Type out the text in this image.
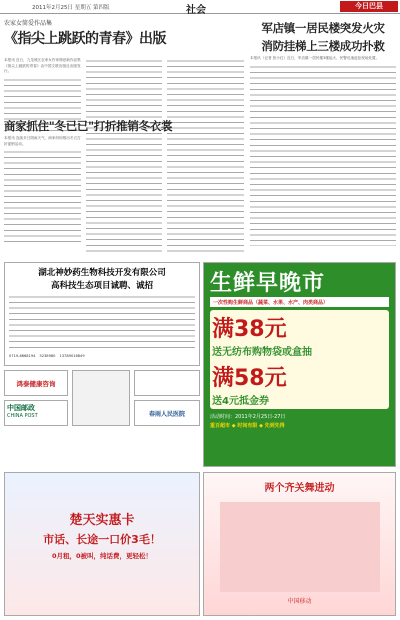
2011年2月25日 星期五 第四版	社会	今日巴县
农家女简爱作品集
《指尖上跳跃的青春》出版
本报讯 近日，九龙坡区农家女作家简爱新作品集《指尖上跳跃的青春》由中国文联出版社出版发行。
军店镇一居民楼突发火灾
消防挂梯上三楼成功扑救
本报讯（记者 张小红）近日，军店镇一居民楼3楼起火，民警迅速赶赴现场处置。
商家抓住"冬已已"打折推销冬衣裳
本报讯 连续多日阴雨天气，商家纷纷推出冬衣打折促销活动。
湖北神妙药生物科技开发有限公司
高科技生态项目诚聘、诚招
0719-8668194 5238980 13789016849
生鲜早晚市
一次性购生鲜商品（蔬菜、水果、水产、肉类商品）
满38元
送无纺布购物袋或盒抽
满58元
送4元抵金券
活动时间：2011年2月25日-27日
重百超市 ◆ 时间有限 ◆ 先到先得
鸿泰健康咨询
中国邮政
CHINA POST	春雨人民医院
楚天实惠卡
市话、长途一口价3毛！
0月租，0被叫，纯话费，更轻松！
两个齐关舞进动
中国移动
